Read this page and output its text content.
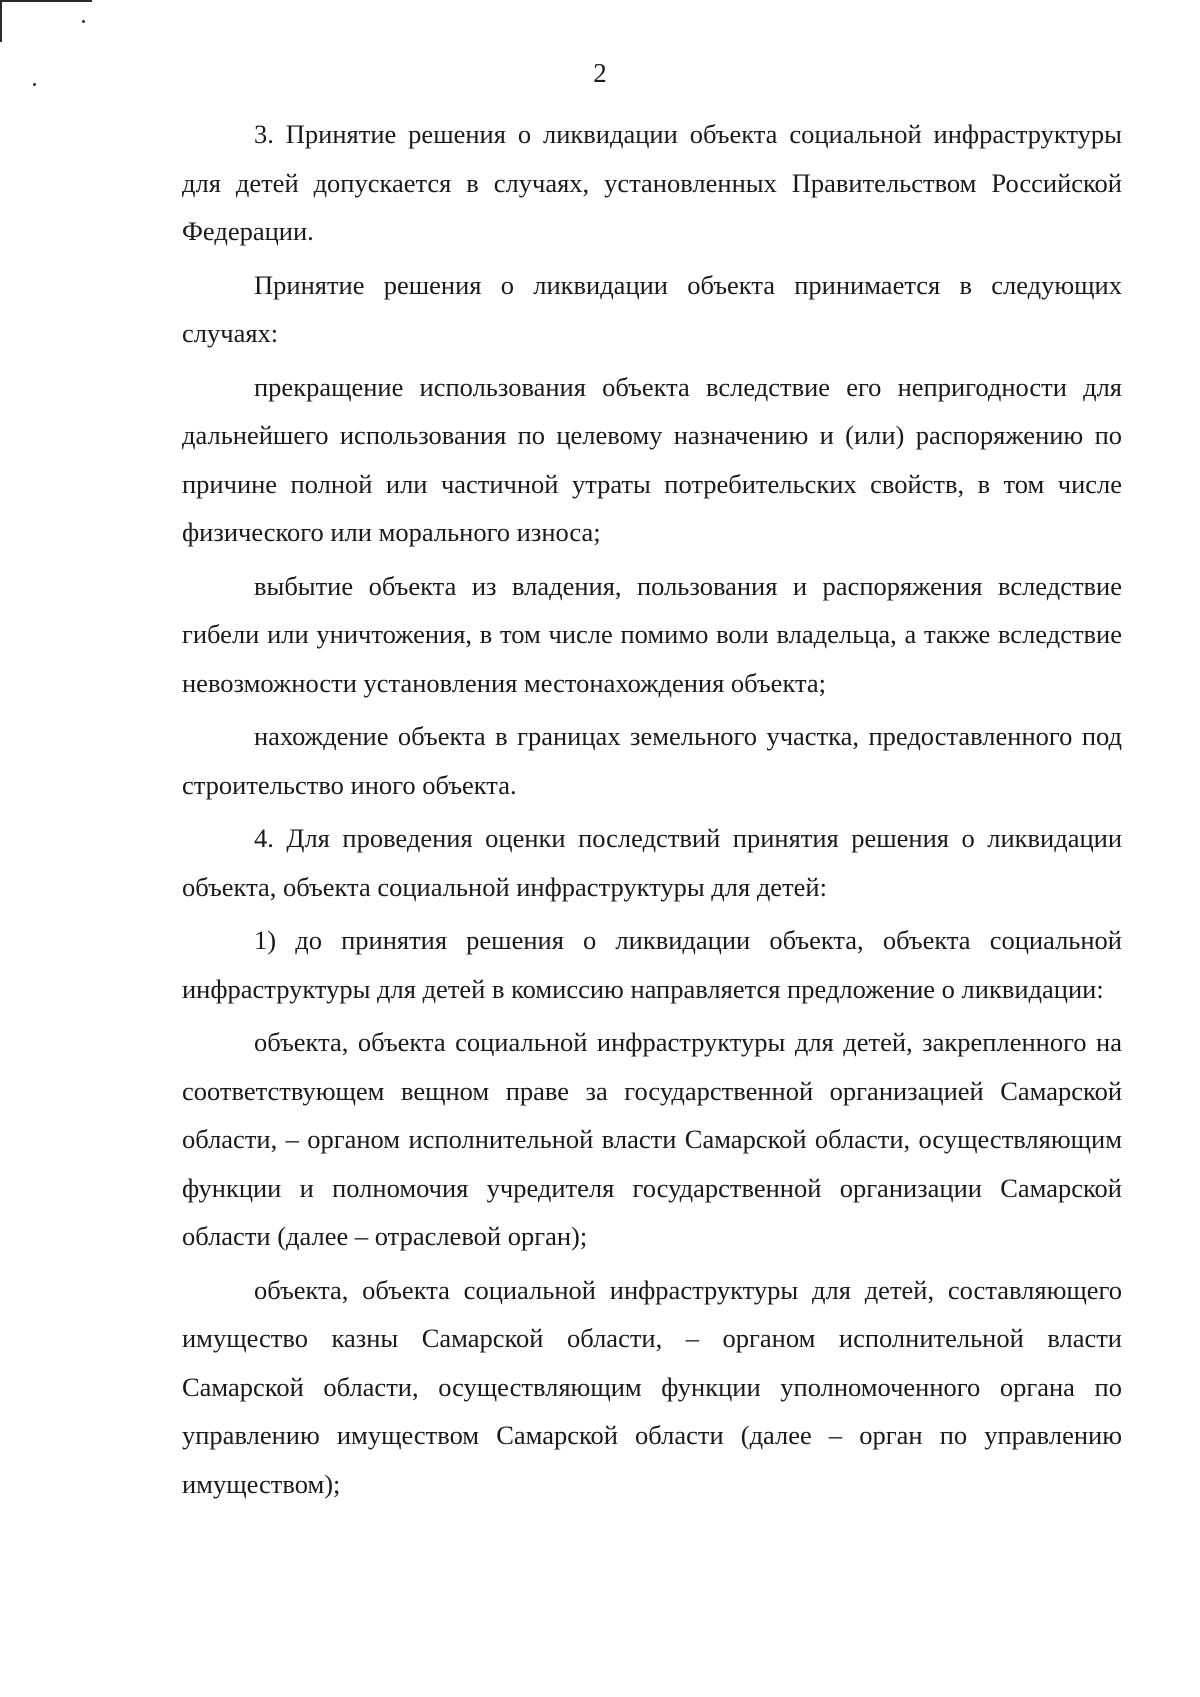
2

3. Принятие решения о ликвидации объекта социальной инфраструктуры для детей допускается в случаях, установленных Правительством Российской Федерации.

Принятие решения о ликвидации объекта принимается в следующих случаях:

прекращение использования объекта вследствие его непригодности для дальнейшего использования по целевому назначению и (или) распоряжению по причине полной или частичной утраты потребительских свойств, в том числе физического или морального износа;

выбытие объекта из владения, пользования и распоряжения вследствие гибели или уничтожения, в том числе помимо воли владельца, а также вследствие невозможности установления местонахождения объекта;

нахождение объекта в границах земельного участка, предоставленного под строительство иного объекта.

4. Для проведения оценки последствий принятия решения о ликвидации объекта, объекта социальной инфраструктуры для детей:

1) до принятия решения о ликвидации объекта, объекта социальной инфраструктуры для детей в комиссию направляется предложение о ликвидации:

объекта, объекта социальной инфраструктуры для детей, закрепленного на соответствующем вещном праве за государственной организацией Самарской области, – органом исполнительной власти Самарской области, осуществляющим функции и полномочия учредителя государственной организации Самарской области (далее – отраслевой орган);

объекта, объекта социальной инфраструктуры для детей, составляющего имущество казны Самарской области, – органом исполнительной власти Самарской области, осуществляющим функции уполномоченного органа по управлению имуществом Самарской области (далее – орган по управлению имуществом);
